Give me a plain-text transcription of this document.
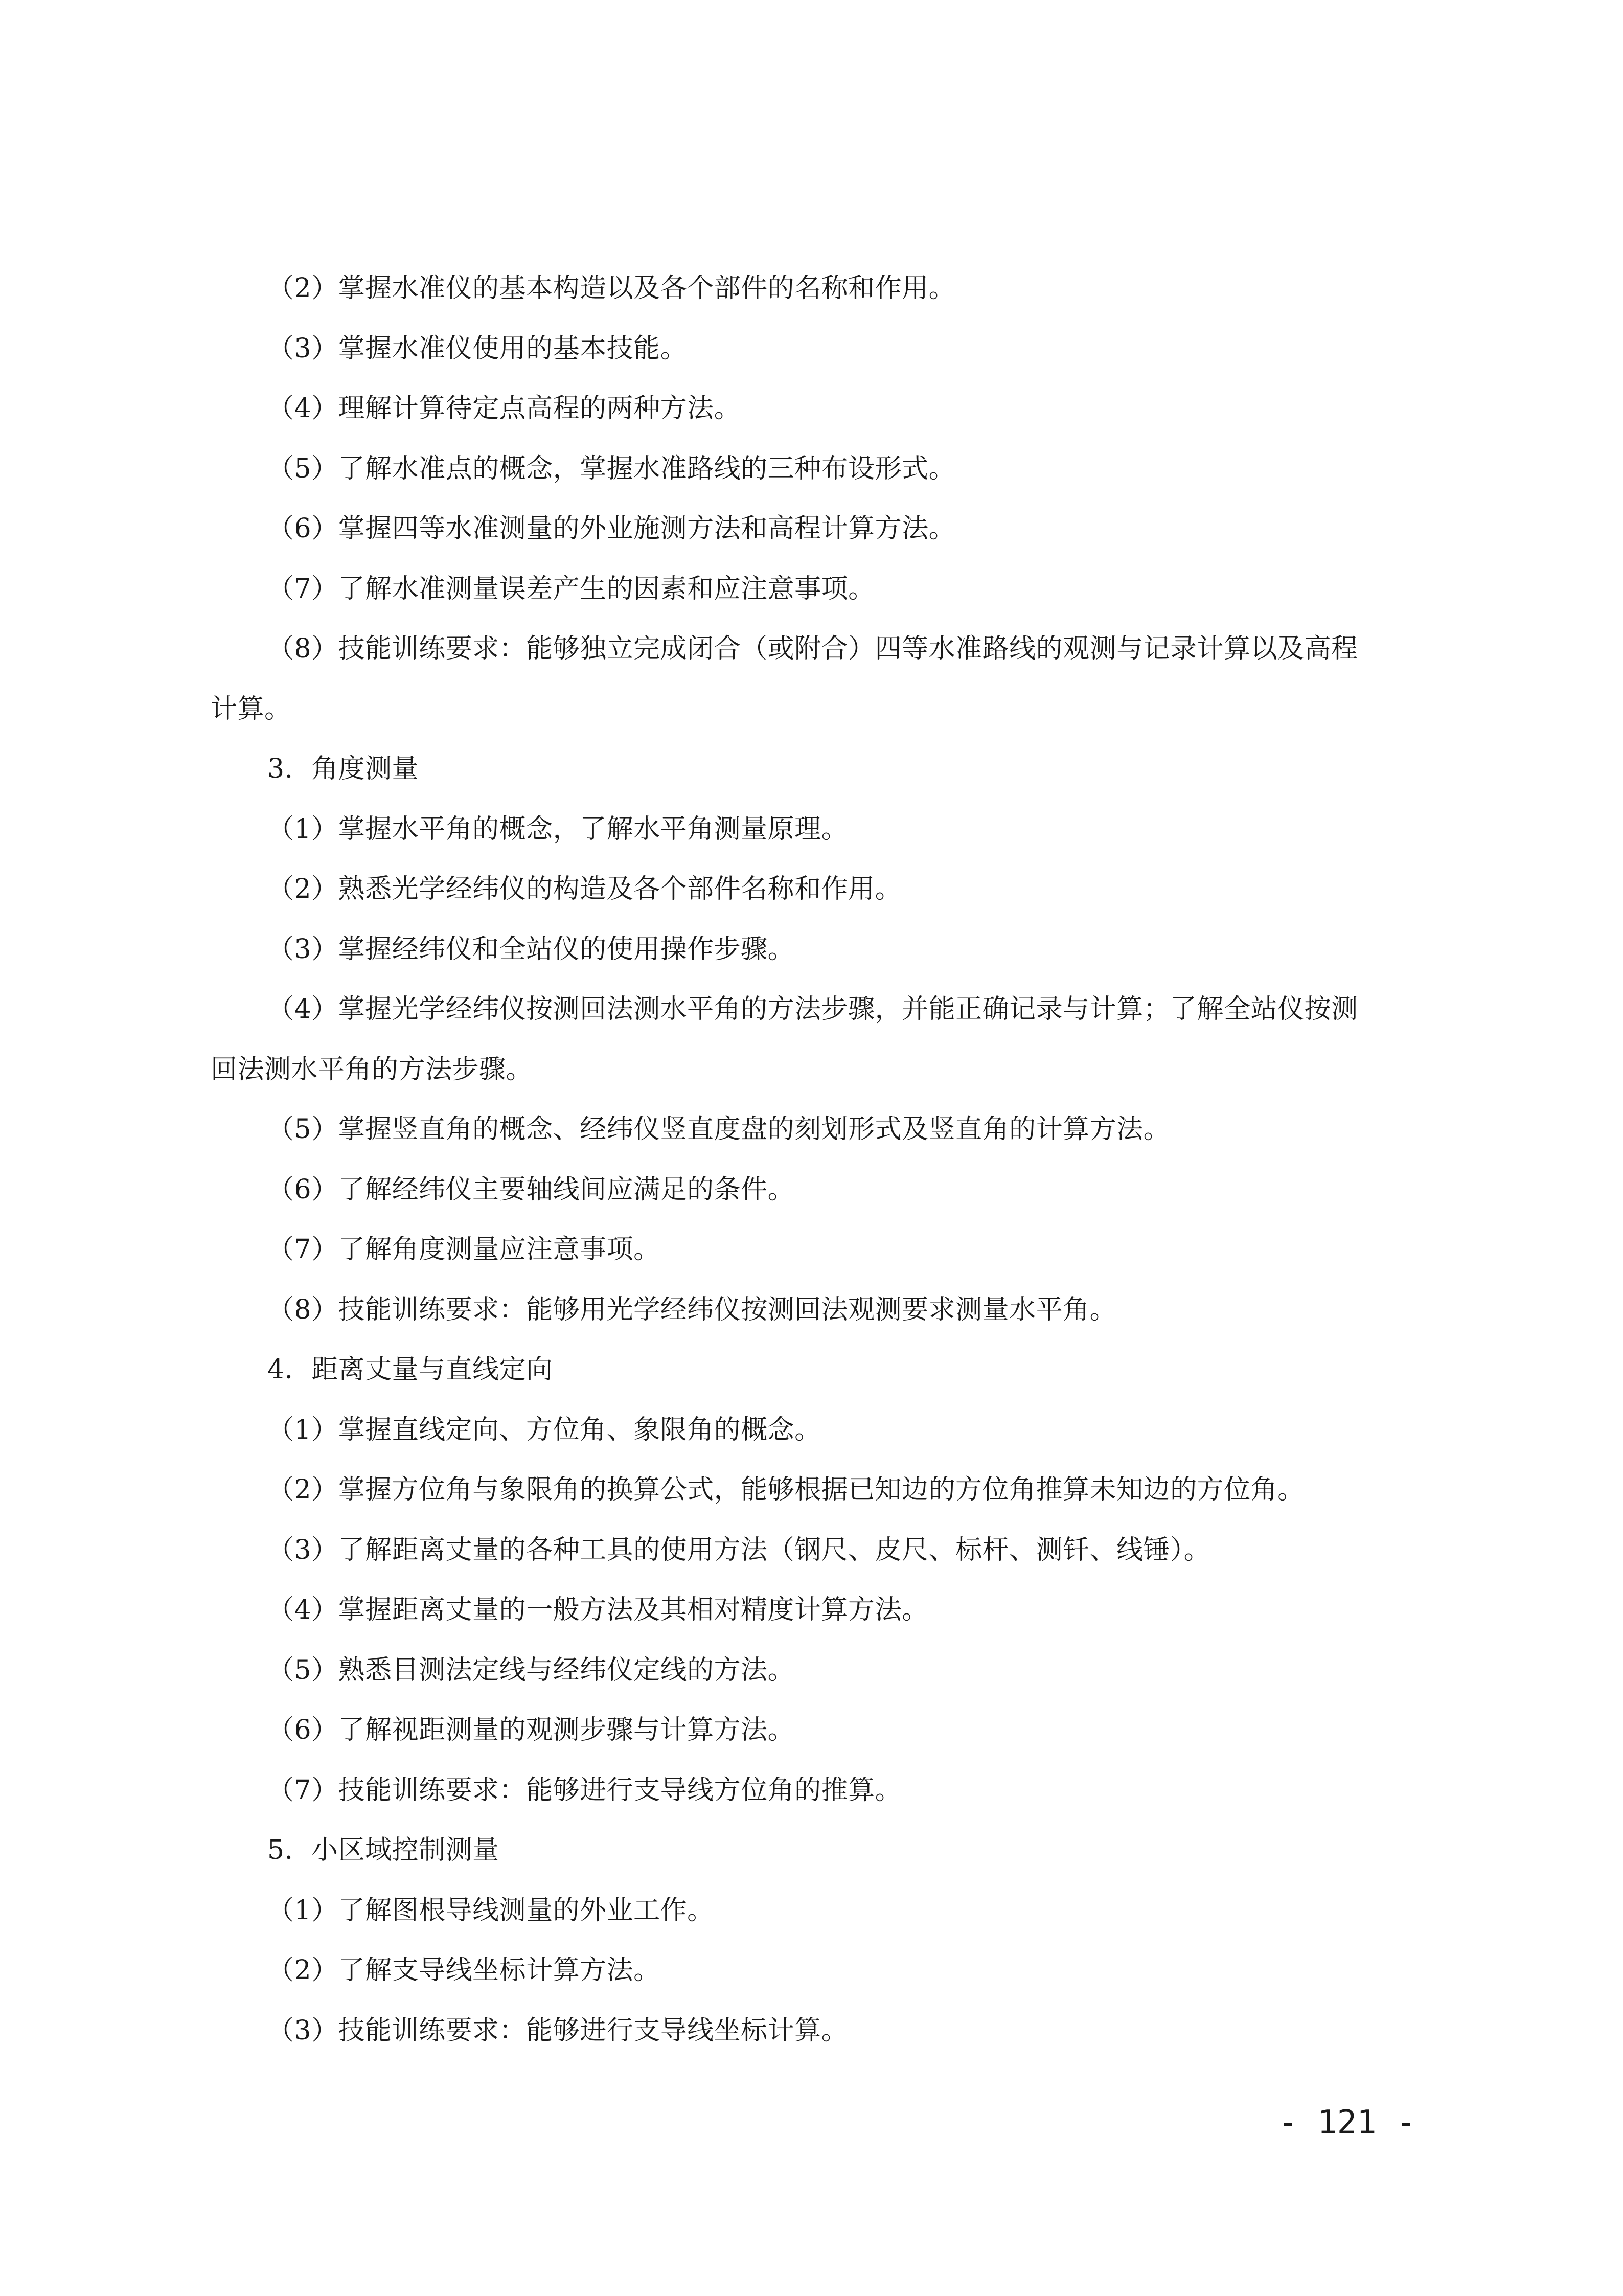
（2）掌握水准仪的基本构造以及各个部件的名称和作用。
（3）掌握水准仪使用的基本技能。
（4）理解计算待定点高程的两种方法。
（5）了解水准点的概念，掌握水准路线的三种布设形式。
（6）掌握四等水准测量的外业施测方法和高程计算方法。
（7）了解水准测量误差产生的因素和应注意事项。
（8）技能训练要求：能够独立完成闭合（或附合）四等水准路线的观测与记录计算以及高程
计算。
3．角度测量
（1）掌握水平角的概念，了解水平角测量原理。
（2）熟悉光学经纬仪的构造及各个部件名称和作用。
（3）掌握经纬仪和全站仪的使用操作步骤。
（4）掌握光学经纬仪按测回法测水平角的方法步骤，并能正确记录与计算；了解全站仪按测
回法测水平角的方法步骤。
（5）掌握竖直角的概念、经纬仪竖直度盘的刻划形式及竖直角的计算方法。
（6）了解经纬仪主要轴线间应满足的条件。
（7）了解角度测量应注意事项。
（8）技能训练要求：能够用光学经纬仪按测回法观测要求测量水平角。
4．距离丈量与直线定向
（1）掌握直线定向、方位角、象限角的概念。
（2）掌握方位角与象限角的换算公式，能够根据已知边的方位角推算未知边的方位角。
（3）了解距离丈量的各种工具的使用方法（钢尺、皮尺、标杆、测钎、线锤）。
（4）掌握距离丈量的一般方法及其相对精度计算方法。
（5）熟悉目测法定线与经纬仪定线的方法。
（6）了解视距测量的观测步骤与计算方法。
（7）技能训练要求：能够进行支导线方位角的推算。
5．小区域控制测量
（1）了解图根导线测量的外业工作。
（2）了解支导线坐标计算方法。
（3）技能训练要求：能够进行支导线坐标计算。
- 121 -
